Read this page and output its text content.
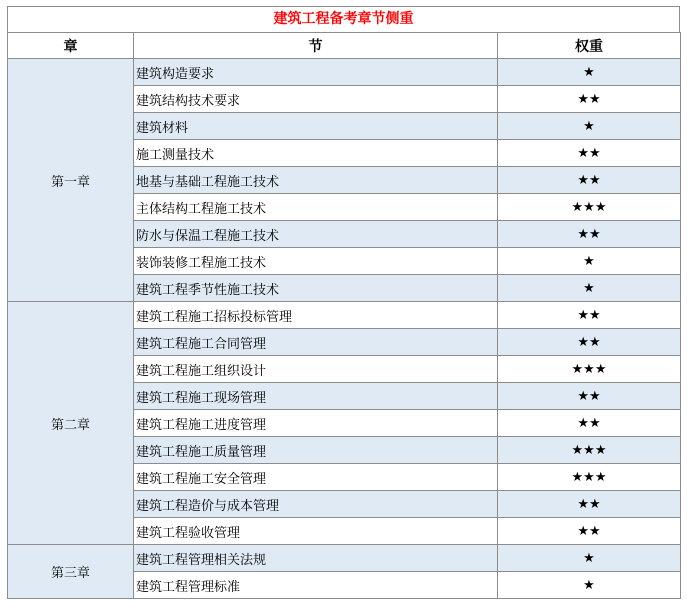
建筑工程备考章节侧重
章	节	权重
第一章	建筑构造要求	★
	建筑结构技术要求	★★
	建筑材料	★
	施工测量技术	★★
	地基与基础工程施工技术	★★
	主体结构工程施工技术	★★★
	防水与保温工程施工技术	★★
	装饰装修工程施工技术	★
	建筑工程季节性施工技术	★
第二章	建筑工程施工招标投标管理	★★
	建筑工程施工合同管理	★★
	建筑工程施工组织设计	★★★
	建筑工程施工现场管理	★★
	建筑工程施工进度管理	★★
	建筑工程施工质量管理	★★★
	建筑工程施工安全管理	★★★
	建筑工程造价与成本管理	★★
	建筑工程验收管理	★★
第三章	建筑工程管理相关法规	★
	建筑工程管理标准	★
